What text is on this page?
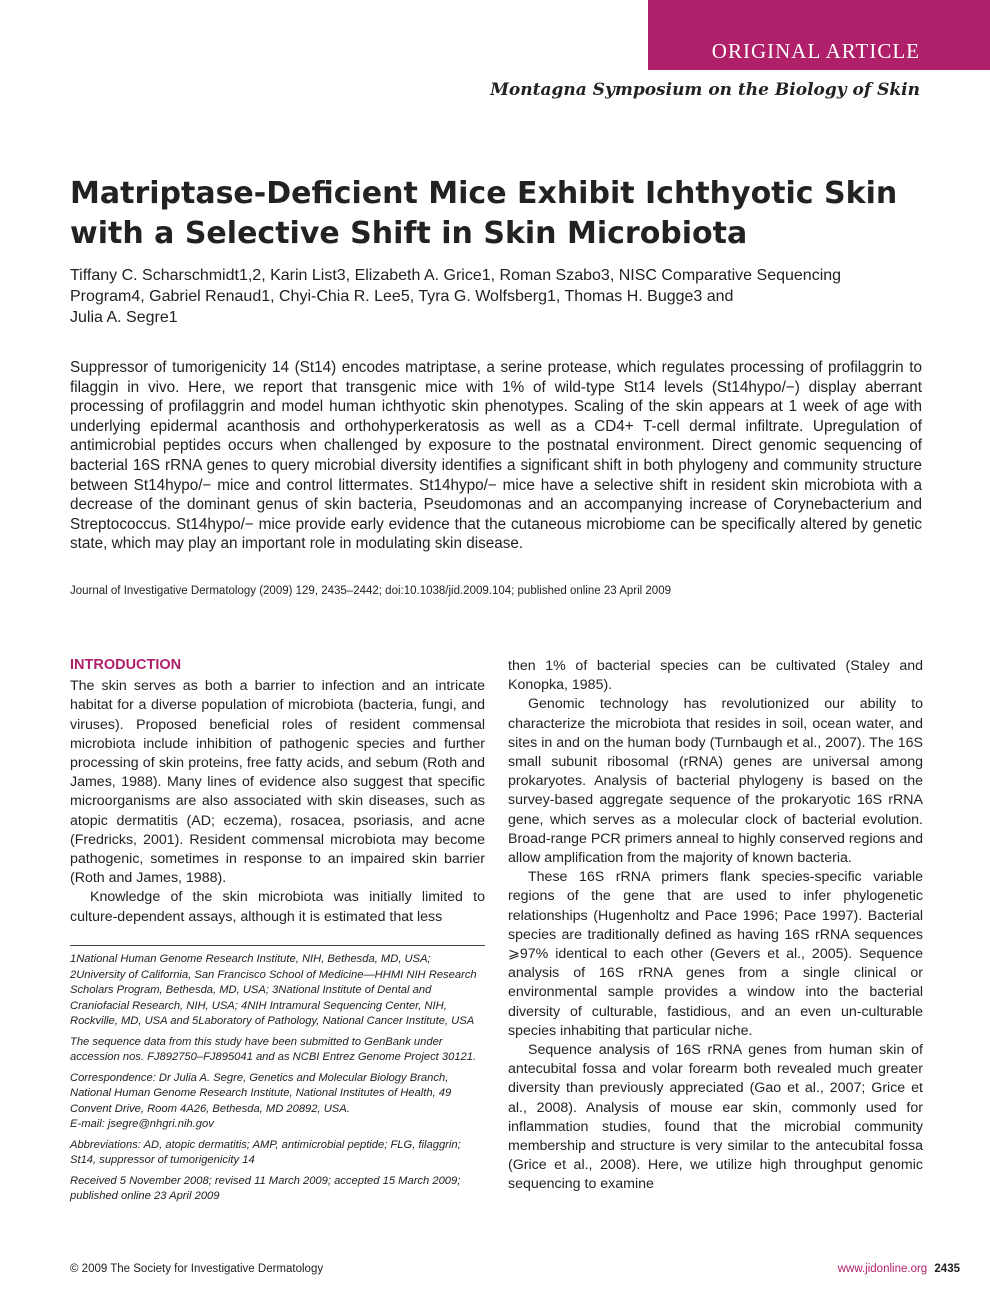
ORIGINAL ARTICLE
Montagna Symposium on the Biology of Skin
Matriptase-Deficient Mice Exhibit Ichthyotic Skin with a Selective Shift in Skin Microbiota
Tiffany C. Scharschmidt1,2, Karin List3, Elizabeth A. Grice1, Roman Szabo3, NISC Comparative Sequencing
Program4, Gabriel Renaud1, Chyi-Chia R. Lee5, Tyra G. Wolfsberg1, Thomas H. Bugge3 and
Julia A. Segre1

Suppressor of tumorigenicity 14 (St14) encodes matriptase, a serine protease, which regulates processing of profilaggrin to filaggin in vivo. Here, we report that transgenic mice with 1% of wild-type St14 levels (St14hypo/−) display aberrant processing of profilaggrin and model human ichthyotic skin phenotypes. Scaling of the skin appears at 1 week of age with underlying epidermal acanthosis and orthohyperkeratosis as well as a CD4+ T-cell dermal infiltrate. Upregulation of antimicrobial peptides occurs when challenged by exposure to the postnatal environment. Direct genomic sequencing of bacterial 16S rRNA genes to query microbial diversity identifies a significant shift in both phylogeny and community structure between St14hypo/− mice and control littermates. St14hypo/− mice have a selective shift in resident skin microbiota with a decrease of the dominant genus of skin bacteria, Pseudomonas and an accompanying increase of Corynebacterium and Streptococcus. St14hypo/− mice provide early evidence that the cutaneous microbiome can be specifically altered by genetic state, which may play an important role in modulating skin disease.

Journal of Investigative Dermatology (2009) 129, 2435–2442; doi:10.1038/jid.2009.104; published online 23 April 2009

INTRODUCTION

The skin serves as both a barrier to infection and an intricate habitat for a diverse population of microbiota (bacteria, fungi, and viruses). Proposed beneficial roles of resident commensal microbiota include inhibition of pathogenic species and further processing of skin proteins, free fatty acids, and sebum (Roth and James, 1988). Many lines of evidence also suggest that specific microorganisms are also associated with skin diseases, such as atopic dermatitis (AD; eczema), rosacea, psoriasis, and acne (Fredricks, 2001). Resident commensal microbiota may become pathogenic, sometimes in response to an impaired skin barrier (Roth and James, 1988).

Knowledge of the skin microbiota was initially limited to culture-dependent assays, although it is estimated that less

1National Human Genome Research Institute, NIH, Bethesda, MD, USA; 2University of California, San Francisco School of Medicine—HHMI NIH Research Scholars Program, Bethesda, MD, USA; 3National Institute of Dental and Craniofacial Research, NIH, USA; 4NIH Intramural Sequencing Center, NIH, Rockville, MD, USA and 5Laboratory of Pathology, National Cancer Institute, USA

The sequence data from this study have been submitted to GenBank under accession nos. FJ892750–FJ895041 and as NCBI Entrez Genome Project 30121.

Correspondence: Dr Julia A. Segre, Genetics and Molecular Biology Branch, National Human Genome Research Institute, National Institutes of Health, 49 Convent Drive, Room 4A26, Bethesda, MD 20892, USA.
E-mail: jsegre@nhgri.nih.gov

Abbreviations: AD, atopic dermatitis; AMP, antimicrobial peptide; FLG, filaggrin; St14, suppressor of tumorigenicity 14

Received 5 November 2008; revised 11 March 2009; accepted 15 March 2009; published online 23 April 2009

then 1% of bacterial species can be cultivated (Staley and Konopka, 1985).

Genomic technology has revolutionized our ability to characterize the microbiota that resides in soil, ocean water, and sites in and on the human body (Turnbaugh et al., 2007). The 16S small subunit ribosomal (rRNA) genes are universal among prokaryotes. Analysis of bacterial phylogeny is based on the survey-based aggregate sequence of the prokaryotic 16S rRNA gene, which serves as a molecular clock of bacterial evolution. Broad-range PCR primers anneal to highly conserved regions and allow amplification from the majority of known bacteria.

These 16S rRNA primers flank species-specific variable regions of the gene that are used to infer phylogenetic relationships (Hugenholtz and Pace 1996; Pace 1997). Bacterial species are traditionally defined as having 16S rRNA sequences ⩾97% identical to each other (Gevers et al., 2005). Sequence analysis of 16S rRNA genes from a single clinical or environmental sample provides a window into the bacterial diversity of culturable, fastidious, and an even un-culturable species inhabiting that particular niche.

Sequence analysis of 16S rRNA genes from human skin of antecubital fossa and volar forearm both revealed much greater diversity than previously appreciated (Gao et al., 2007; Grice et al., 2008). Analysis of mouse ear skin, commonly used for inflammation studies, found that the microbial community membership and structure is very similar to the antecubital fossa (Grice et al., 2008). Here, we utilize high throughput genomic sequencing to examine

© 2009 The Society for Investigative Dermatology	www.jidonline.org 2435
